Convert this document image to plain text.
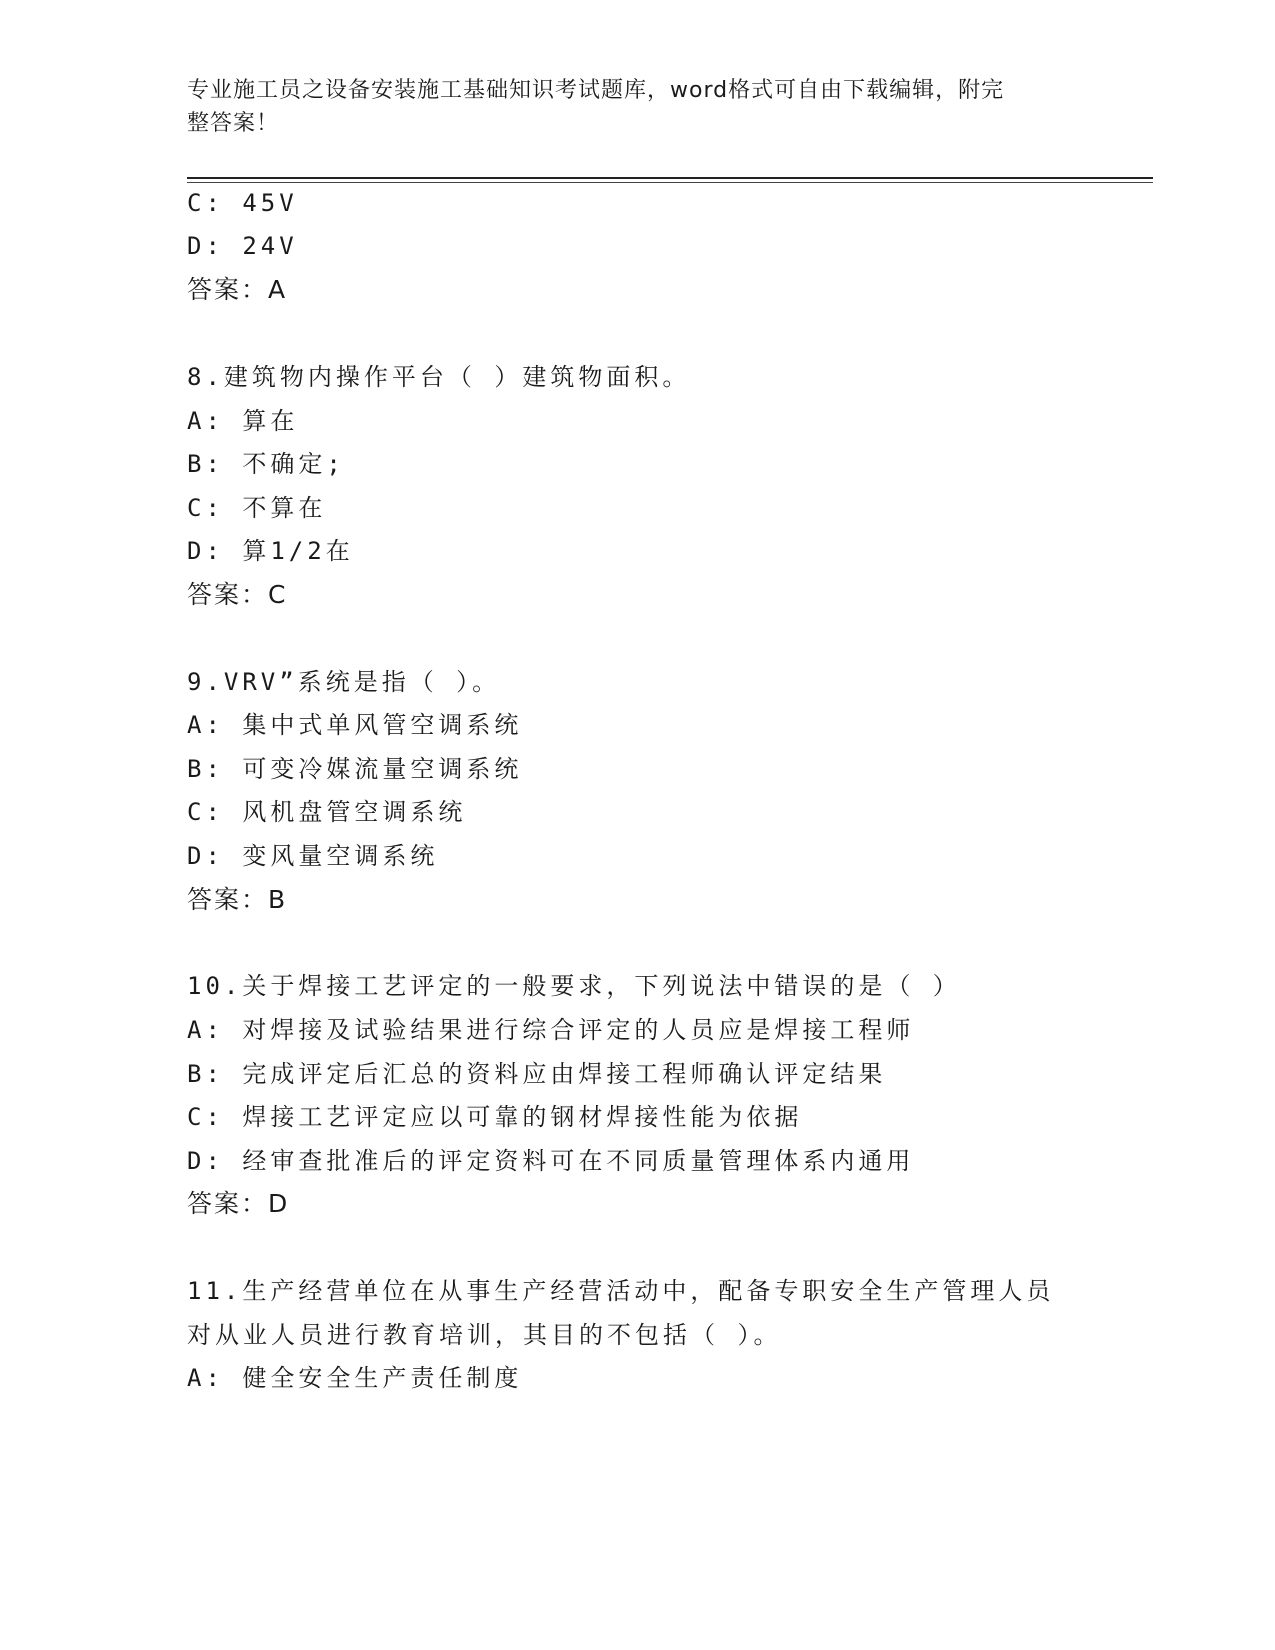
专业施工员之设备安装施工基础知识考试题库，word格式可自由下载编辑，附完
整答案！
C: 45V
D: 24V
答案：A
8.建筑物内操作平台（ ）建筑物面积。
A: 算在
B: 不确定;
C: 不算在
D: 算1/2在
答案：C
9.VRV”系统是指（ ）。
A: 集中式单风管空调系统
B: 可变冷媒流量空调系统
C: 风机盘管空调系统
D: 变风量空调系统
答案：B
10.关于焊接工艺评定的一般要求，下列说法中错误的是（ ）
A: 对焊接及试验结果进行综合评定的人员应是焊接工程师
B: 完成评定后汇总的资料应由焊接工程师确认评定结果
C: 焊接工艺评定应以可靠的钢材焊接性能为依据
D: 经审查批准后的评定资料可在不同质量管理体系内通用
答案：D
11.生产经营单位在从事生产经营活动中，配备专职安全生产管理人员
对从业人员进行教育培训，其目的不包括（ ）。
A: 健全安全生产责任制度
